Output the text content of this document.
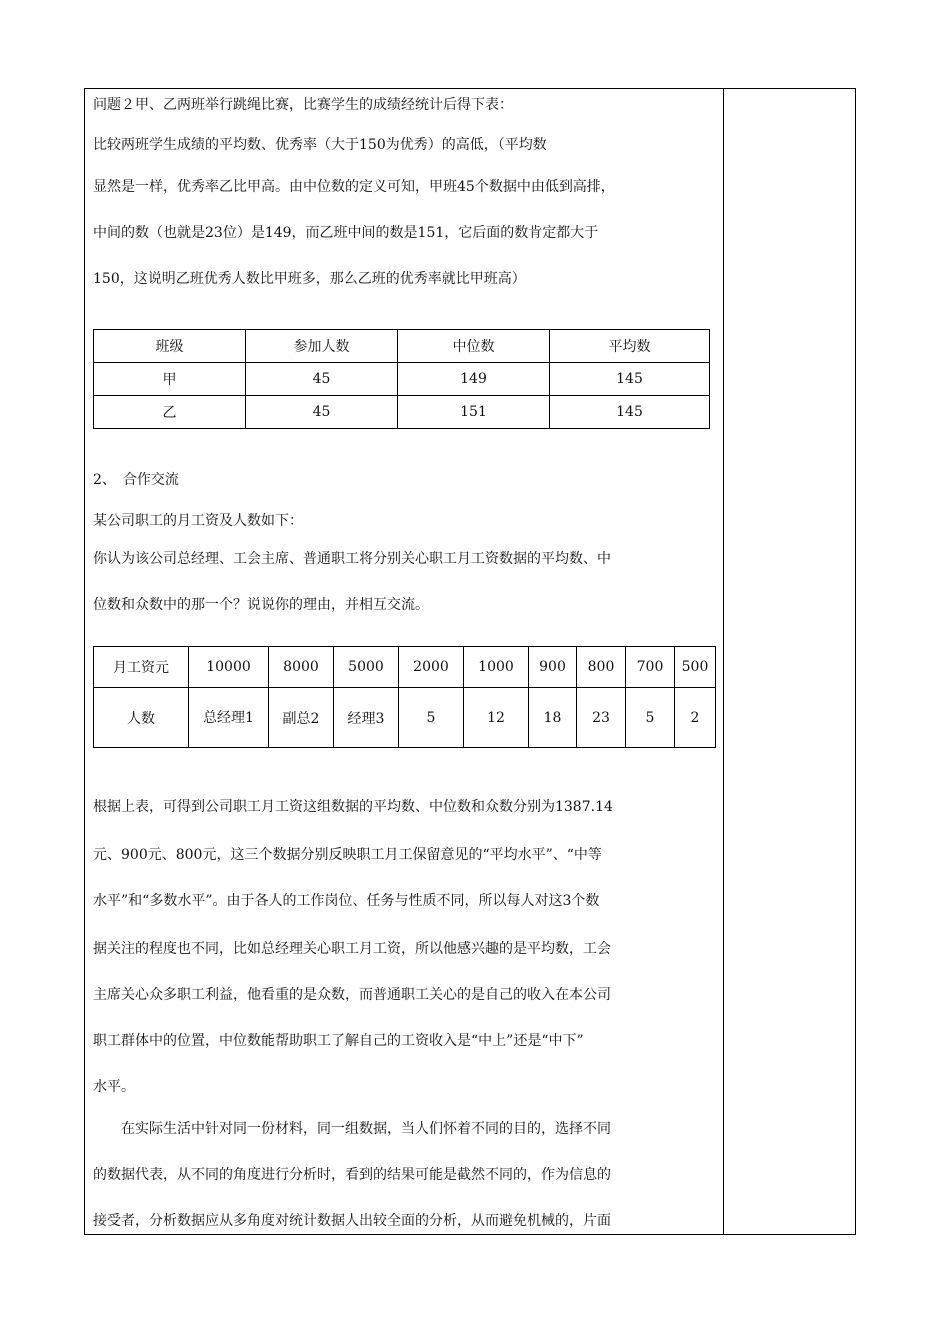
问题２甲、乙两班举行跳绳比赛，比赛学生的成绩经统计后得下表：
比较两班学生成绩的平均数、优秀率（大于150为优秀）的高低，（平均数
显然是一样，优秀率乙比甲高。由中位数的定义可知，甲班45个数据中由低到高排，
中间的数（也就是23位）是149，而乙班中间的数是151，它后面的数肯定都大于
150，这说明乙班优秀人数比甲班多，那么乙班的优秀率就比甲班高）
班级	参加人数	中位数	平均数
甲	45	149	145
乙	45	151	145
2、　合作交流
某公司职工的月工资及人数如下：
你认为该公司总经理、工会主席、普通职工将分别关心职工月工资数据的平均数、中
位数和众数中的那一个？说说你的理由，并相互交流。
月工资元	10000	8000	5000	2000	1000	900	800	700	500
人数	总经理1	副总2	经理3	5	12	18	23	5	2
根据上表，可得到公司职工月工资这组数据的平均数、中位数和众数分别为1387.14
元、900元、800元，这三个数据分别反映职工月工保留意见的“平均水平”、“中等
水平”和“多数水平”。由于各人的工作岗位、任务与性质不同，所以每人对这3个数
据关注的程度也不同，比如总经理关心职工月工资，所以他感兴趣的是平均数，工会
主席关心众多职工利益，他看重的是众数，而普通职工关心的是自己的收入在本公司
职工群体中的位置，中位数能帮助职工了解自己的工资收入是“中上”还是“中下”
水平。
　　在实际生活中针对同一份材料，同一组数据，当人们怀着不同的目的，选择不同
的数据代表，从不同的角度进行分析时，看到的结果可能是截然不同的，作为信息的
接受者，分析数据应从多角度对统计数据人出较全面的分析，从而避免机械的，片面
